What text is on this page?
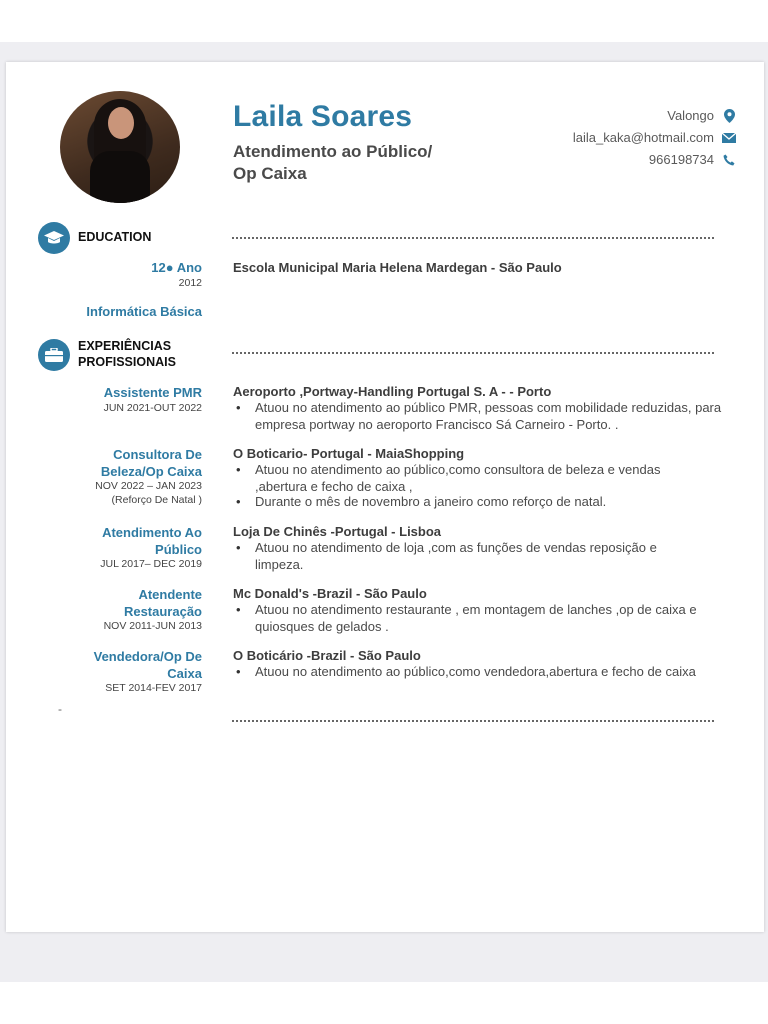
Laila Soares
Atendimento ao Público/
Op Caixa
Valongo
laila_kaka@hotmail.com
966198734
EDUCATION
12● Ano
2012
Escola Municipal Maria Helena Mardegan - São Paulo
Informática Básica
EXPERIÊNCIAS
PROFISSIONAIS
Assistente PMR
JUN 2021-OUT 2022
Aeroporto ,Portway-Handling Portugal S. A - - Porto
• Atuou no atendimento ao público PMR, pessoas com mobilidade reduzidas, para empresa portway no aeroporto Francisco Sá Carneiro - Porto. .
Consultora De
Beleza/Op Caixa
NOV 2022 – JAN 2023
(Reforço De Natal )
O Boticario- Portugal - MaiaShopping
• Atuou no atendimento ao público,como consultora de beleza e vendas ,abertura e fecho de caixa ,
• Durante o mês de novembro a janeiro como reforço de natal.
Atendimento Ao
Público
JUL 2017– DEC 2019
Loja De Chinês -Portugal - Lisboa
• Atuou no atendimento de loja ,com as funções de vendas reposição e limpeza.
Atendente
Restauração
NOV 2011-JUN 2013
Mc Donald's -Brazil - São Paulo
• Atuou no atendimento restaurante , em montagem de lanches ,op de caixa e quiosques de gelados .
Vendedora/Op De
Caixa
SET 2014-FEV 2017
O Boticário -Brazil - São Paulo
• Atuou no atendimento ao público,como vendedora,abertura e fecho de caixa
-
